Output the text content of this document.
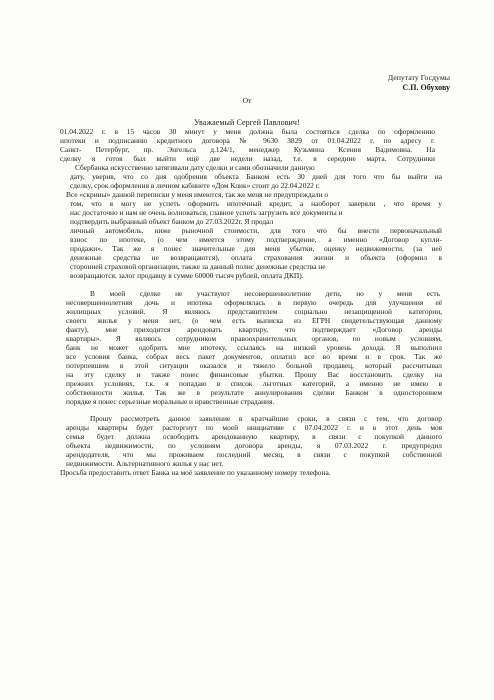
Депутату Госдумы
С.П. Обухову
От
Уважаемый Сергей Павлович!
01.04.2022 г. в 15 часов 30 минут у меня должна была состояться сделка по оформлению
ипотеки и подписанию кредитного договора № 9630 3829 от 01.04.2022 г. по адресу г.
Санкт- Петербург, пр. Энгельса д.124/1, менеджер Кузьмина Ксения Вадимовна. На
сделку я готов был выйти ещё две недели назад, т.е. в середине марта. Сотрудники
Сбербанка искусственно затягивали дату сделки и сами обозначили данную
дату, уверив, что со дня одобрения объекта Банком есть 30 дней для того что бы выйти на
сделку, срок оформления в личном кабинете «Дом Клик» стоит до 22.04.2022 г.
Все «скрины» данной переписки у меня имеются, так же меня не предупреждали о
том, что я могу не успеть оформить ипотечный кредит, а наоборот заверяли , что время у
нас достаточно и нам не очень волноваться, главное успеть загрузить все документы и
подтвердить выбранный объект банком до 27.03.2022г. Я продал
личный автомобиль, ниже рыночной стоимости, для того что бы внести первоначальный
взнос по ипотеке, (о чем имеется этому подтверждение, а именно «Договор купли-
продажи». Так же я понес значительные для меня убытки, оценку недвижимости, (за неё
денежные средства не возвращаются), оплата страхования жизни и объекта (оформил в
сторонней страховой организации, также за данный полис денежные средства не
возвращаются, залог продавцу в сумме 60000 тысяч рублей, оплата ДКП).
В моей сделке не участвуют несовершеннолетние дети, но у меня есть
несовершеннолетняя дочь и ипотека оформлялась в первую очередь для улучшения её
жилищных условий. Я являюсь представителем социально незащищенной категории,
своего жилья у меня нет, (о чем есть выписка из ЕГРН свидетельствующая данному
факту), мне приходится арендовать квартиру, что подтверждает «Договор аренды
квартиры». Я являюсь сотрудником правоохранительных органов, по новым условиям,
банк не может одобрить мне ипотеку, ссылаясь на низкий уровень дохода. Я выполнил
все условия банка, собрал весь пакет документов, оплатил все во время и в срок. Так же
потерпевшим в этой ситуации оказался и тяжело больной продавец, который рассчитывал
на эту сделку и также понес финансовые убытки. Прошу Вас восстановить сделку на
прежних условиях, т.к. я попадаю в список льготных категорий, а именно не имею в
собственности жилья. Так же в результате аннулирования сделки Банком в одностороннем
порядке я понес серьезные моральные и нравственные страдания.
Прошу рассмотреть данное заявление в кратчайшие сроки, в связи с тем, что договор
аренды квартиры будет расторгнут по моей инициативе с 07.04.2022 г. и в этот день моя
семья будет должна освободить арендованную квартиру, в связи с покупкой данного
объекта недвижимости, по условиям договора аренды, я 07.03.2022 г. предупредил
арендодателя, что мы проживаем последний месяц, в связи с покупкой собственной
недвижимости. Альтернативного жилья у нас нет.
Просьба предоставить ответ Банка на моё заявление по указанному номеру телефона.
